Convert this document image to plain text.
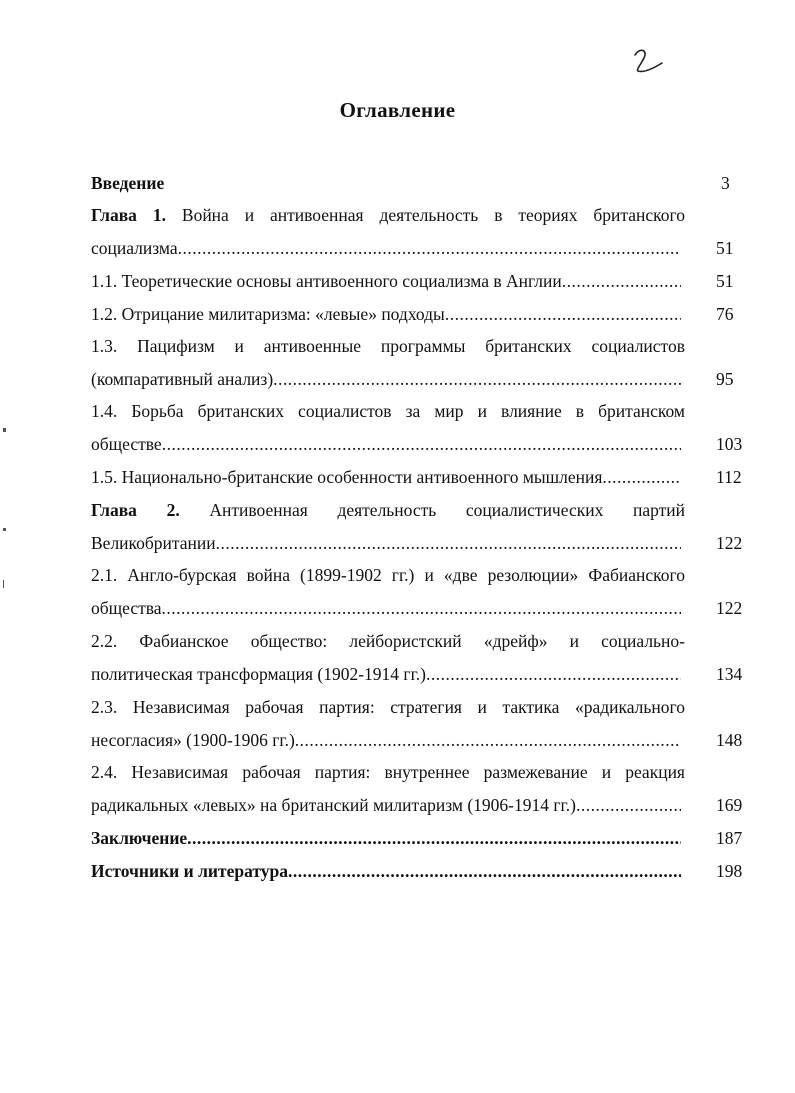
Оглавление
Введение	3
Глава 1. Войнa и антивоенная деятельность в теориях британского
социализма .....	51
1.1. Теоретические основы антивоенного социализма в Англии .....	51
1.2. Отрицание милитаризма: «левые» подходы .....	76
1.3. Пацифизм и антивоенные программы британских социалистов
(компаративный анализ) .....	95
1.4. Борьба британских социалистов за мир и влияние в британском
обществе .....	103
1.5. Национально-британские особенности антивоенного мышления .....	112
Глава 2. Антивоенная деятельность социалистических партий
Великобритании .....	122
2.1. Англо-бурская война (1899-1902 гг.) и «две резолюции» Фабианского
общества .....	122
2.2. Фабианское общество: лейбористский «дрейф» и социально-
политическая трансформация (1902-1914 гг.) .....	134
2.3. Независимая рабочая партия: стратегия и тактика «радикального
несогласия» (1900-1906 гг.) .....	148
2.4. Независимая рабочая партия: внутреннее размежевание и реакция
радикальных «левых» на британский милитаризм (1906-1914 гг.) .....	169
Заключение .....	187
Источники и литература .....	198
